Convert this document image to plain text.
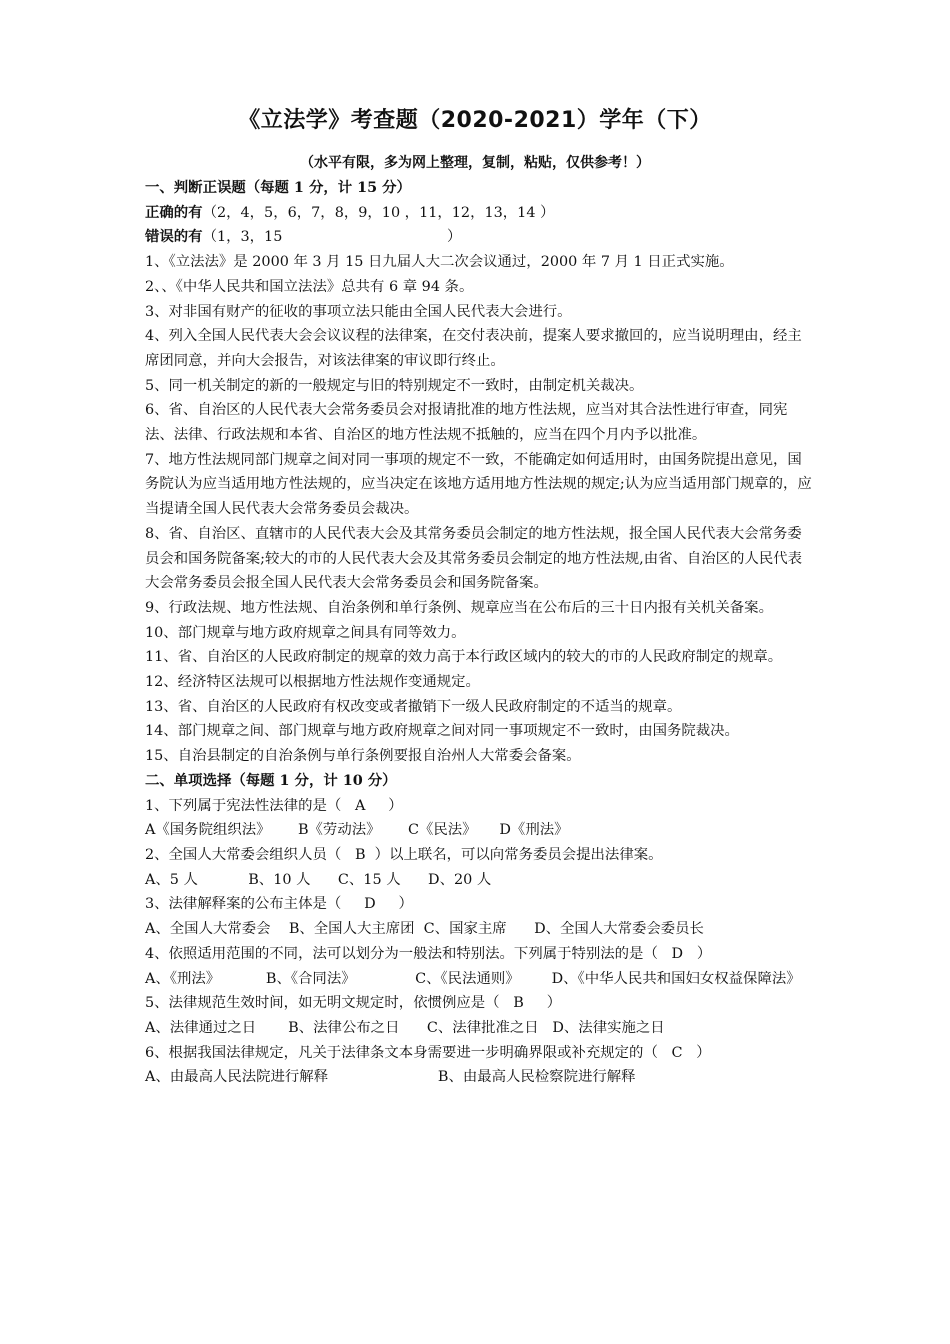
《立法学》考查题（2020-2021）学年（下）
（水平有限，多为网上整理，复制，粘贴，仅供参考！）

一、判断正误题（每题 1 分，计 15 分）

正确的有（2，4，5，6，7，8，9，10 ，11，12，13，14 ）

错误的有（1，3，15                                    ）

1、《立法法》是 2000 年 3 月 15 日九届人大二次会议通过，2000 年 7 月 1 日正式实施。

2、、《中华人民共和国立法法》总共有 6 章 94 条。

3、对非国有财产的征收的事项立法只能由全国人民代表大会进行。

4、列入全国人民代表大会会议议程的法律案，在交付表决前，提案人要求撤回的，应当说明理由，经主席团同意，并向大会报告，对该法律案的审议即行终止。

5、同一机关制定的新的一般规定与旧的特别规定不一致时，由制定机关裁决。

6、省、自治区的人民代表大会常务委员会对报请批准的地方性法规，应当对其合法性进行审查，同宪法、法律、行政法规和本省、自治区的地方性法规不抵触的，应当在四个月内予以批准。

7、地方性法规同部门规章之间对同一事项的规定不一致，不能确定如何适用时，由国务院提出意见，国务院认为应当适用地方性法规的，应当决定在该地方适用地方性法规的规定;认为应当适用部门规章的，应当提请全国人民代表大会常务委员会裁决。

8、省、自治区、直辖市的人民代表大会及其常务委员会制定的地方性法规，报全国人民代表大会常务委员会和国务院备案;较大的市的人民代表大会及其常务委员会制定的地方性法规,由省、自治区的人民代表大会常务委员会报全国人民代表大会常务委员会和国务院备案。

9、行政法规、地方性法规、自治条例和单行条例、规章应当在公布后的三十日内报有关机关备案。

10、部门规章与地方政府规章之间具有同等效力。

11、省、自治区的人民政府制定的规章的效力高于本行政区域内的较大的市的人民政府制定的规章。

12、经济特区法规可以根据地方性法规作变通规定。

13、省、自治区的人民政府有权改变或者撤销下一级人民政府制定的不适当的规章。

14、部门规章之间、部门规章与地方政府规章之间对同一事项规定不一致时，由国务院裁决。

15、自治县制定的自治条例与单行条例要报自治州人大常委会备案。

二、单项选择（每题 1 分，计 10 分）

1、下列属于宪法性法律的是（   A     ）

A《国务院组织法》      B《劳动法》      C《民法》     D《刑法》

2、全国人大常委会组织人员（   B  ）以上联名，可以向常务委员会提出法律案。

A、5 人           B、10 人      C、15 人      D、20 人

3、法律解释案的公布主体是（     D     ）

A、全国人大常委会    B、全国人大主席团  C、国家主席      D、全国人大常委会委员长

4、依照适用范围的不同，法可以划分为一般法和特别法。下列属于特别法的是（   D   ）

A、《刑法》          B、《合同法》             C、《民法通则》       D、《中华人民共和国妇女权益保障法》

5、法律规范生效时间，如无明文规定时，依惯例应是（   B     ）

A、法律通过之日       B、法律公布之日      C、法律批准之日   D、法律实施之日

6、根据我国法律规定，凡关于法律条文本身需要进一步明确界限或补充规定的（   C   ）

A、由最高人民法院进行解释                        B、由最高人民检察院进行解释
